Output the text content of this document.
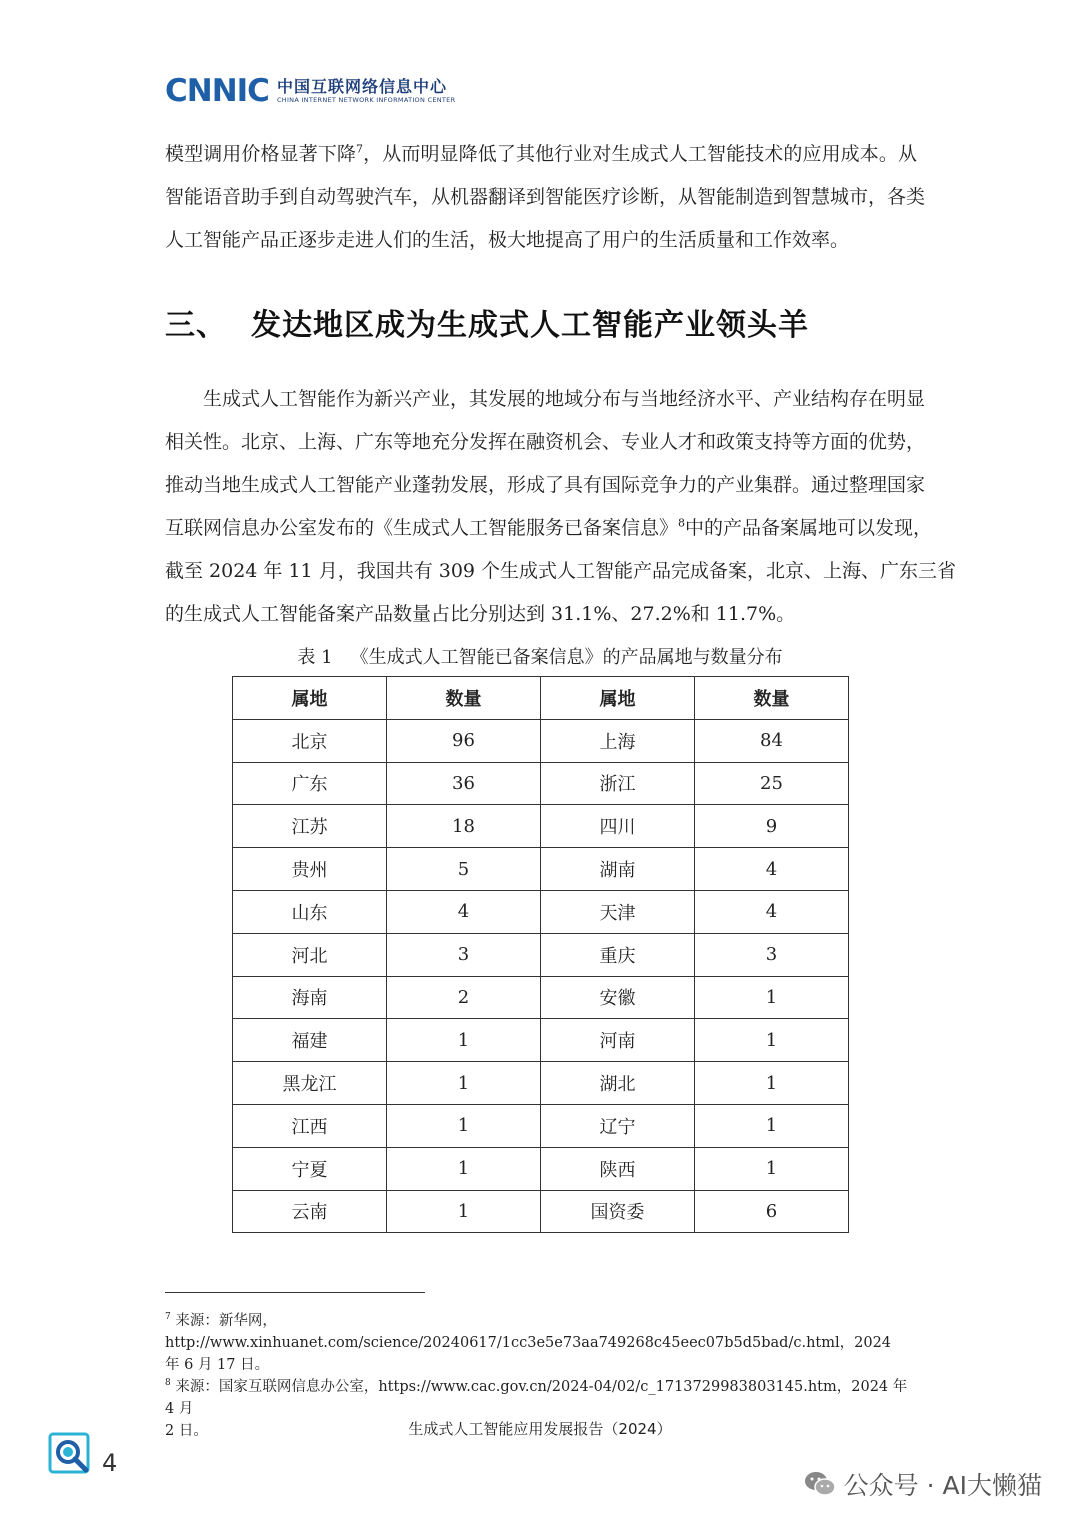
CNNIC 中国互联网络信息中心
CHINA INTERNET NETWORK INFORMATION CENTER

模型调用价格显著下降$^7$，从而明显降低了其他行业对生成式人工智能技术的应用成本。从
智能语音助手到自动驾驶汽车，从机器翻译到智能医疗诊断，从智能制造到智慧城市，各类
人工智能产品正逐步走进人们的生活，极大地提高了用户的生活质量和工作效率。

三、 发达地区成为生成式人工智能产业领头羊

生成式人工智能作为新兴产业，其发展的地域分布与当地经济水平、产业结构存在明显
相关性。北京、上海、广东等地充分发挥在融资机会、专业人才和政策支持等方面的优势，
推动当地生成式人工智能产业蓬勃发展，形成了具有国际竞争力的产业集群。通过整理国家
互联网信息办公室发布的《生成式人工智能服务已备案信息》$^8$中的产品备案属地可以发现，
截至 2024 年 11 月，我国共有 309 个生成式人工智能产品完成备案，北京、上海、广东三省
的生成式人工智能备案产品数量占比分别达到 31.1%、27.2%和 11.7%。

表 1 《生成式人工智能已备案信息》的产品属地与数量分布

属地	数量	属地	数量
北京	96	上海	84
广东	36	浙江	25
江苏	18	四川	9
贵州	5	湖南	4
山东	4	天津	4
河北	3	重庆	3
海南	2	安徽	1
福建	1	河南	1
黑龙江	1	湖北	1
江西	1	辽宁	1
宁夏	1	陕西	1
云南	1	国资委	6

$^7$ 来源：新华网，http://www.xinhuanet.com/science/20240617/1cc3e5e73aa749268c45eec07b5d5bad/c.html，2024
年 6 月 17 日。

$^8$ 来源：国家互联网信息办公室，https://www.cac.gov.cn/2024-04/02/c_1713729983803145.htm，2024 年 4 月
2 日。	生成式人工智能应用发展报告（2024）

4
公众号 · AI大懒猫
